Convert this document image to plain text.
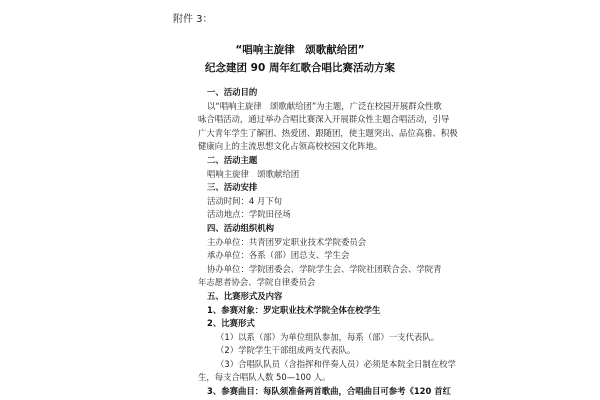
附件 3：
“唱响主旋律　颂歌献给团”
纪念建团 90 周年红歌合唱比赛活动方案

一、活动目的

以“唱响主旋律　颂歌献给团”为主题，广泛在校园开展群众性歌

咏合唱活动，通过举办合唱比赛深入开展群众性主题合唱活动，引导

广大青年学生了解团、热爱团、跟随团，使主题突出、品位高雅、积极

健康向上的主流思想文化占领高校校园文化阵地。

二、活动主题

唱响主旋律　颂歌献给团

三、活动安排

活动时间：4 月下旬

活动地点：学院田径场

四、活动组织机构

主办单位：共青团罗定职业技术学院委员会

承办单位：各系（部）团总支、学生会

协办单位：学院团委会、学院学生会、学院社团联合会、学院青

年志愿者协会、学院自律委员会

五、比赛形式及内容

1、参赛对象：罗定职业技术学院全体在校学生

2、比赛形式

（1）以系（部）为单位组队参加，每系（部）一支代表队。

（2）学院学生干部组成两支代表队。

（3）合唱队队员（含指挥和伴奏人员）必须是本院全日制在校学

生，每支合唱队人数 50—100 人。

3、参赛曲目：每队须准备两首歌曲，合唱曲目可参考《120 首红
